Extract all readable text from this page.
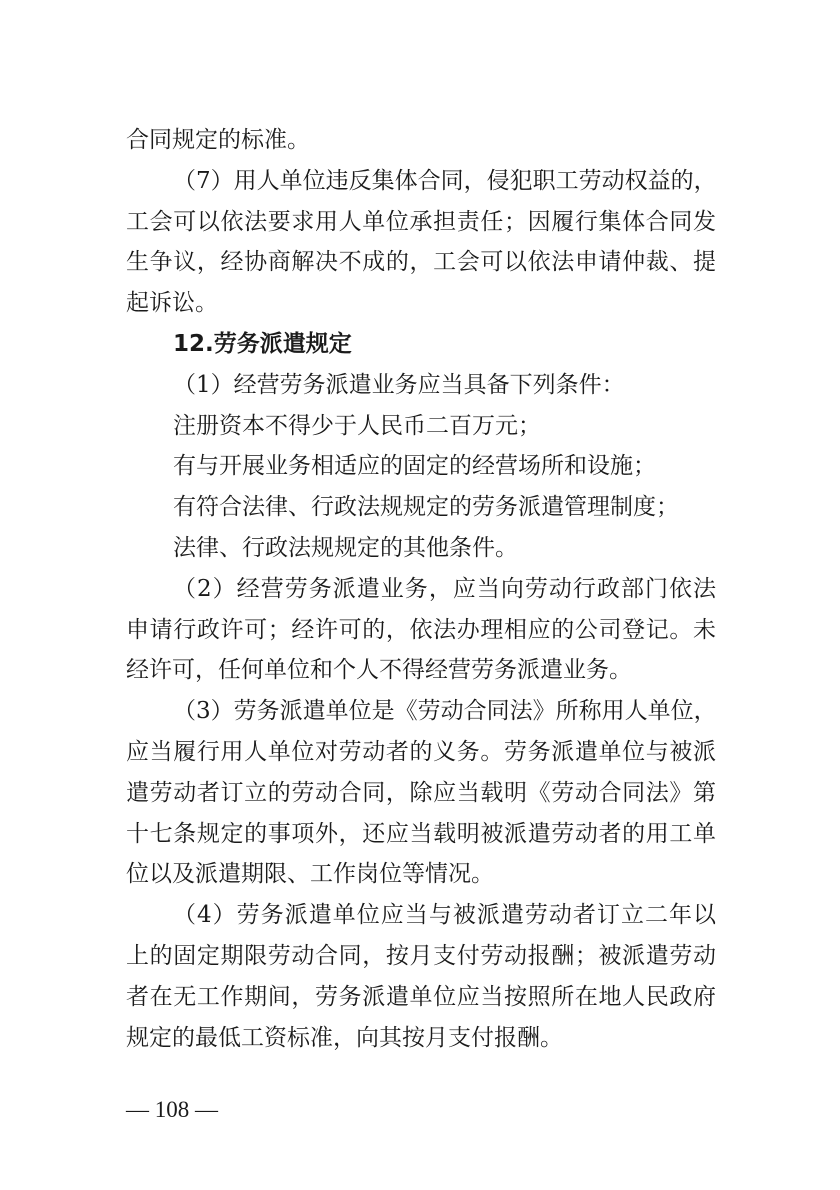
合同规定的标准。
（7）用人单位违反集体合同，侵犯职工劳动权益的，
工会可以依法要求用人单位承担责任；因履行集体合同发
生争议，经协商解决不成的，工会可以依法申请仲裁、提
起诉讼。
12.劳务派遣规定
（1）经营劳务派遣业务应当具备下列条件：
注册资本不得少于人民币二百万元；
有与开展业务相适应的固定的经营场所和设施；
有符合法律、行政法规规定的劳务派遣管理制度；
法律、行政法规规定的其他条件。
（2）经营劳务派遣业务，应当向劳动行政部门依法
申请行政许可；经许可的，依法办理相应的公司登记。未
经许可，任何单位和个人不得经营劳务派遣业务。
（3）劳务派遣单位是《劳动合同法》所称用人单位，
应当履行用人单位对劳动者的义务。劳务派遣单位与被派
遣劳动者订立的劳动合同，除应当载明《劳动合同法》第
十七条规定的事项外，还应当载明被派遣劳动者的用工单
位以及派遣期限、工作岗位等情况。
（4）劳务派遣单位应当与被派遣劳动者订立二年以
上的固定期限劳动合同，按月支付劳动报酬；被派遣劳动
者在无工作期间，劳务派遣单位应当按照所在地人民政府
规定的最低工资标准，向其按月支付报酬。
— 108 —
